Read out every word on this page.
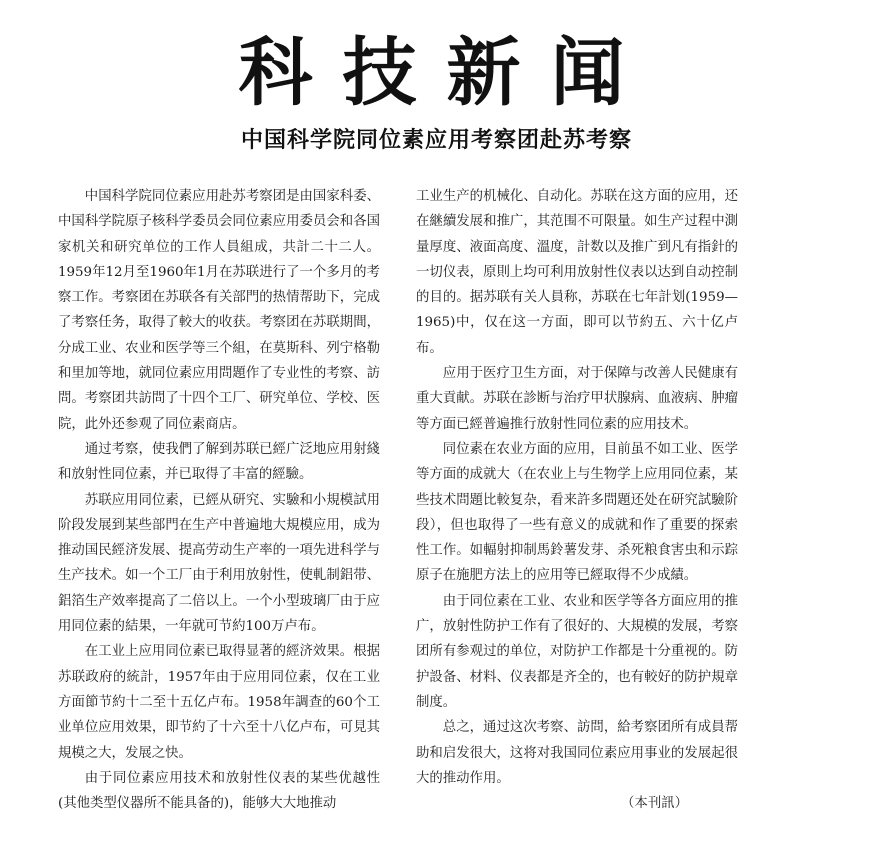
科技新闻
中国科学院同位素应用考察团赴苏考察

中国科学院同位素应用赴苏考察团是由国家科委、中国科学院原子核科学委员会同位素应用委员会和各国家机关和研究单位的工作人員組成，共計二十二人。1959年12月至1960年1月在苏联进行了一个多月的考察工作。考察团在苏联各有关部門的热情帮助下，完成了考察任务，取得了較大的收获。考察团在苏联期間，分成工业、农业和医学等三个組，在莫斯科、列宁格勒和里加等地，就同位素应用問題作了专业性的考察、訪問。考察团共訪問了十四个工厂、研究单位、学校、医院，此外还参观了同位素商店。

通过考察，使我們了解到苏联已經广泛地应用射綫和放射性同位素，并已取得了丰富的經驗。

苏联应用同位素，已經从研究、实驗和小規模試用阶段发展到某些部門在生产中普遍地大規模应用，成为推动国民經济发展、提高劳动生产率的一項先进科学与生产技术。如一个工厂由于利用放射性，使軋制鋁带、鋁箔生产效率提高了二倍以上。一个小型玻璃厂由于应用同位素的結果，一年就可节約100万卢布。

在工业上应用同位素已取得显著的經济效果。根据苏联政府的統計，1957年由于应用同位素，仅在工业方面節节約十二至十五亿卢布。1958年調查的60个工业单位应用效果，即节約了十六至十八亿卢布，可見其規模之大，发展之快。

由于同位素应用技术和放射性仪表的某些优越性(其他类型仪器所不能具备的)，能够大大地推动

工业生产的机械化、自动化。苏联在这方面的应用，还在継續发展和推广，其范围不可限量。如生产过程中測量厚度、液面高度、溫度，計数以及推广到凡有指針的一切仪表，原則上均可利用放射性仪表以达到自动控制的目的。据苏联有关人員称，苏联在七年計划(1959—1965)中，仅在这一方面，即可以节約五、六十亿卢布。

应用于医疗卫生方面，对于保障与改善人民健康有重大貢献。苏联在診断与治疗甲状腺病、血液病、肿瘤等方面已經普遍推行放射性同位素的应用技术。

同位素在农业方面的应用，目前虽不如工业、医学等方面的成就大（在农业上与生物学上应用同位素，某些技术問題比較复杂，看来許多問題还处在研究試驗阶段），但也取得了一些有意义的成就和作了重要的探索性工作。如輻射抑制馬鈴薯发芽、杀死粮食害虫和示踪原子在施肥方法上的应用等已經取得不少成績。

由于同位素在工业、农业和医学等各方面应用的推广，放射性防护工作有了很好的、大規模的发展，考察团所有参观过的单位，对防护工作都是十分重视的。防护設备、材料、仪表都是齐全的，也有較好的防护規章制度。

总之，通过这次考察、訪問，給考察团所有成員帮助和启发很大，这将对我国同位素应用事业的发展起很大的推动作用。

（本刊訊）
